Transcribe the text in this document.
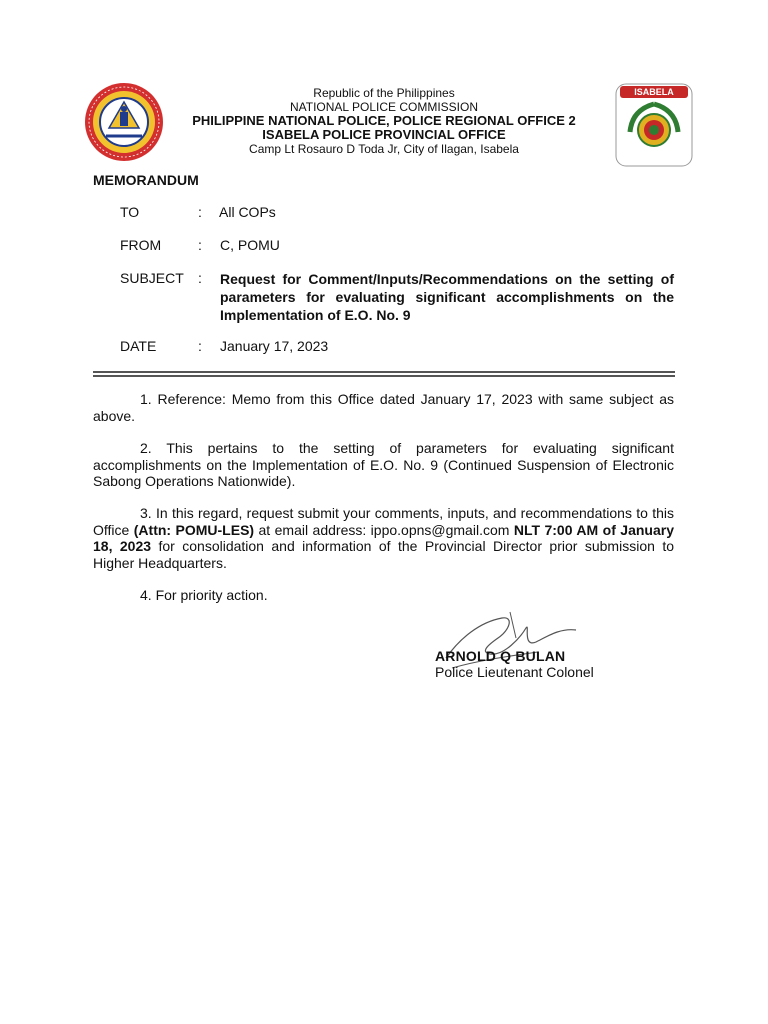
ISABELA
Republic of the Philippines
NATIONAL POLICE COMMISSION
PHILIPPINE NATIONAL POLICE, POLICE REGIONAL OFFICE 2
ISABELA POLICE PROVINCIAL OFFICE
Camp Lt Rosauro D Toda Jr, City of Ilagan, Isabela
MEMORANDUM
TO	: All COPs
FROM	: C, POMU
SUBJECT : Request for Comment/Inputs/Recommendations on the setting of parameters for evaluating significant accomplishments on the Implementation of E.O. No. 9
DATE	: January 17, 2023
1. Reference: Memo from this Office dated January 17, 2023 with same subject as above.
2. This pertains to the setting of parameters for evaluating significant accomplishments on the Implementation of E.O. No. 9 (Continued Suspension of Electronic Sabong Operations Nationwide).
3. In this regard, request submit your comments, inputs, and recommendations to this Office (Attn: POMU-LES) at email address: ippo.opns@gmail.com NLT 7:00 AM of January 18, 2023 for consolidation and information of the Provincial Director prior submission to Higher Headquarters.
4. For priority action.
ARNOLD Q BULAN
Police Lieutenant Colonel
